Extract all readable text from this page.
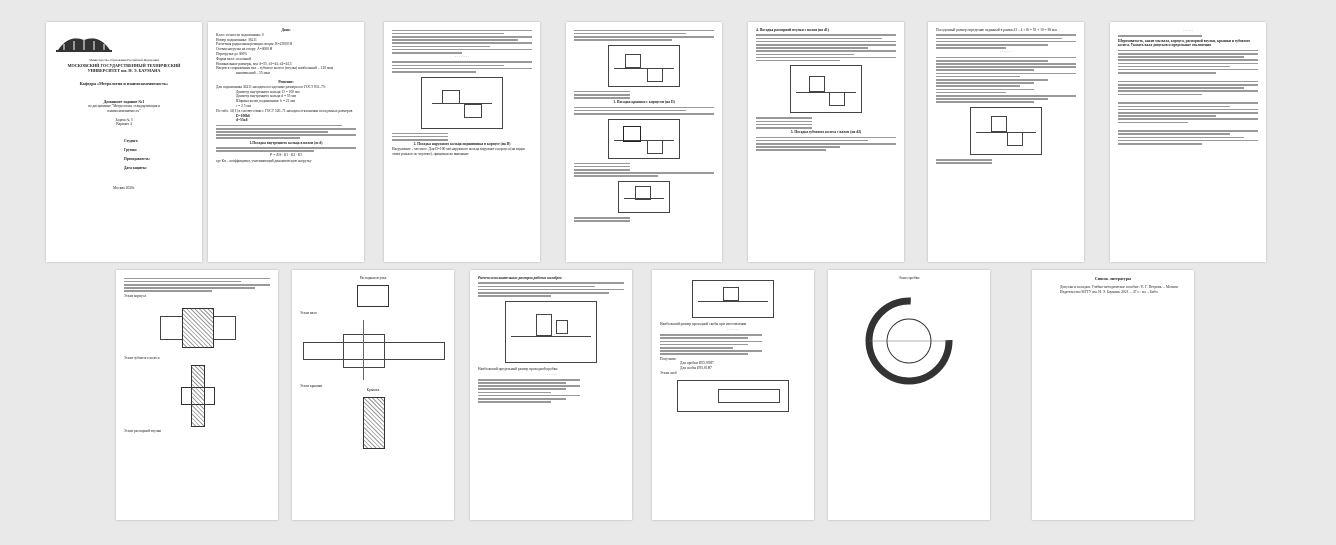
Министерство образования Российской Федерации
МОСКОВСКИЙ ГОСУДАРСТВЕННЫЙ ТЕХНИЧЕСКИЙ
УНИВЕРСИТЕТ им. Н. Э. БАУМАНА
Кафедра «Метрология и взаимозаменяемость»
Домашнее задание №1
по дисциплине "Метрология, стандартизация и
взаимозаменяемость"
Задача № 3
Вариант 4
Студент:
Группа:
Преподаватель:
Дата защиты:
Москва 2020г.
Дано:
Класс точности подшипника: 0
Номер подшипника: 36211
Расчетная радиальная реакция опоры: R=25000 Н
Осевая нагрузка на опору: A=4000 Н
Перегрузка до 300%
Форма вала: сплошной
Номинальные размеры, мм: d=55, d1=44, d2=44,5
Нагрев в сопряжениях вал – зубчатое колесо (втулка) наибольший – 120 мкм
наименьший – 55 мкм
Решение:
Для подшипника 36211 находим посадочные размеры по ГОСТ 831–75:
Диаметр внутреннего кольца: D = 100 мм
Диаметр внутреннего кольца d = 55 мм
Ширина колец подшипника: b = 21 мм
r = 2.5 мм
По табл. 31[1] в соответствии с ГОСТ 520–71 находим отклонения посадочных размеров
D=100h6
d=55к6
1.Посадка внутреннего кольца в валом (m d)
Р = R/b · K1 · K2 · K3
где Кп – коэффициент, учитывающий динамическую нагрузку
· · · · · · · ·
2. Посадка наружного кольца подшипника в корпусе (на D)
Нагружение – местное. Для D=100 мм наружного кольца наружного корпуса (на видно этике разкале по чертеже), принимая во внимание
3. Посадка крышки с корпусом (на D)
4. Посадка распорной втулки с валом (на d1)
5. Посадка зубчатого колеса с валом (на d2)
Посадочный размер определяю заданный в рамки 43 – 4 +16 = 55 + 10 = 85 мм
· · · · · · ·
· · · · · ·
Шероховатость, какие мы вала, корпуса, распорной втулки, крышки и зубчатого колеса. Указать вала допусков и предельные отклонения
Эскиз корпуса
Эскиз зубчатого колеса
Эскиз распорной втулки
Распорная втулка
Эскиз вала
Эскиз крышки
Крышка
Расчет исполнительных размеров рабочих калибров
Наибольший предельный размер проходной пробки
· · · · · · ·
Наибольший размер проходной скобы при изготовлении
· · · · · · ·
Получили:
Для пробки Ø55,95Н7
Для скобы Ø55,81Н7
Эскиз скоб
Эскиз пробки	Список литературы
Допуски и посадки: Учебно-методическое пособие / Е. Г. Петрова. – Москва: Издательство МГТУ им. Н. Э. Баумана, 2021. – 47 с.: ил. – Библ.
